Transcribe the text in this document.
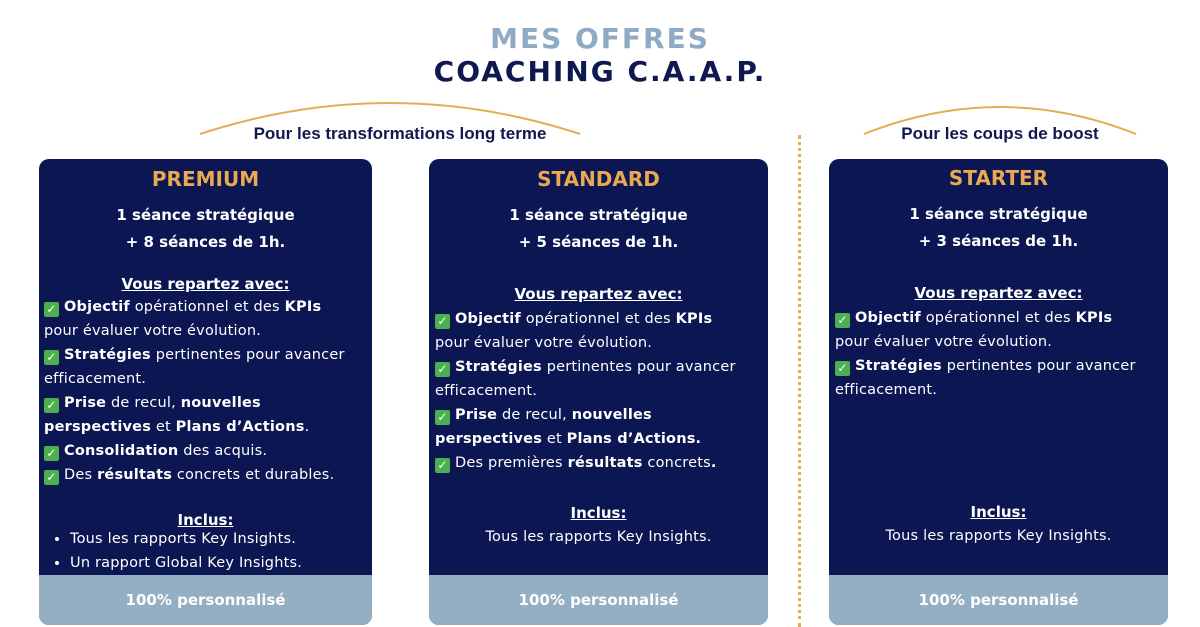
MES OFFRES
COACHING C.A.A.P.
Pour les transformations long terme	Pour les coups de boost
PREMIUM
1 séance stratégique
+ 8 séances de 1h.
Vous repartez avec:
✓ Objectif opérationnel et des KPIs
pour évaluer votre évolution.
✓ Stratégies pertinentes pour avancer
efficacement.
✓ Prise de recul, nouvelles
perspectives et Plans d’Actions.
✓ Consolidation des acquis.
✓ Des résultats concrets et durables.
Inclus:
• Tous les rapports Key Insights.
• Un rapport Global Key Insights.
100% personnalisé
STANDARD
1 séance stratégique
+ 5 séances de 1h.
Vous repartez avec:
✓ Objectif opérationnel et des KPIs
pour évaluer votre évolution.
✓ Stratégies pertinentes pour avancer
efficacement.
✓ Prise de recul, nouvelles
perspectives et Plans d’Actions.
✓ Des premières résultats concrets.
Inclus:
Tous les rapports Key Insights.
100% personnalisé
STARTER
1 séance stratégique
+ 3 séances de 1h.
Vous repartez avec:
✓ Objectif opérationnel et des KPIs
pour évaluer votre évolution.
✓ Stratégies pertinentes pour avancer
efficacement.
Inclus:
Tous les rapports Key Insights.
100% personnalisé
